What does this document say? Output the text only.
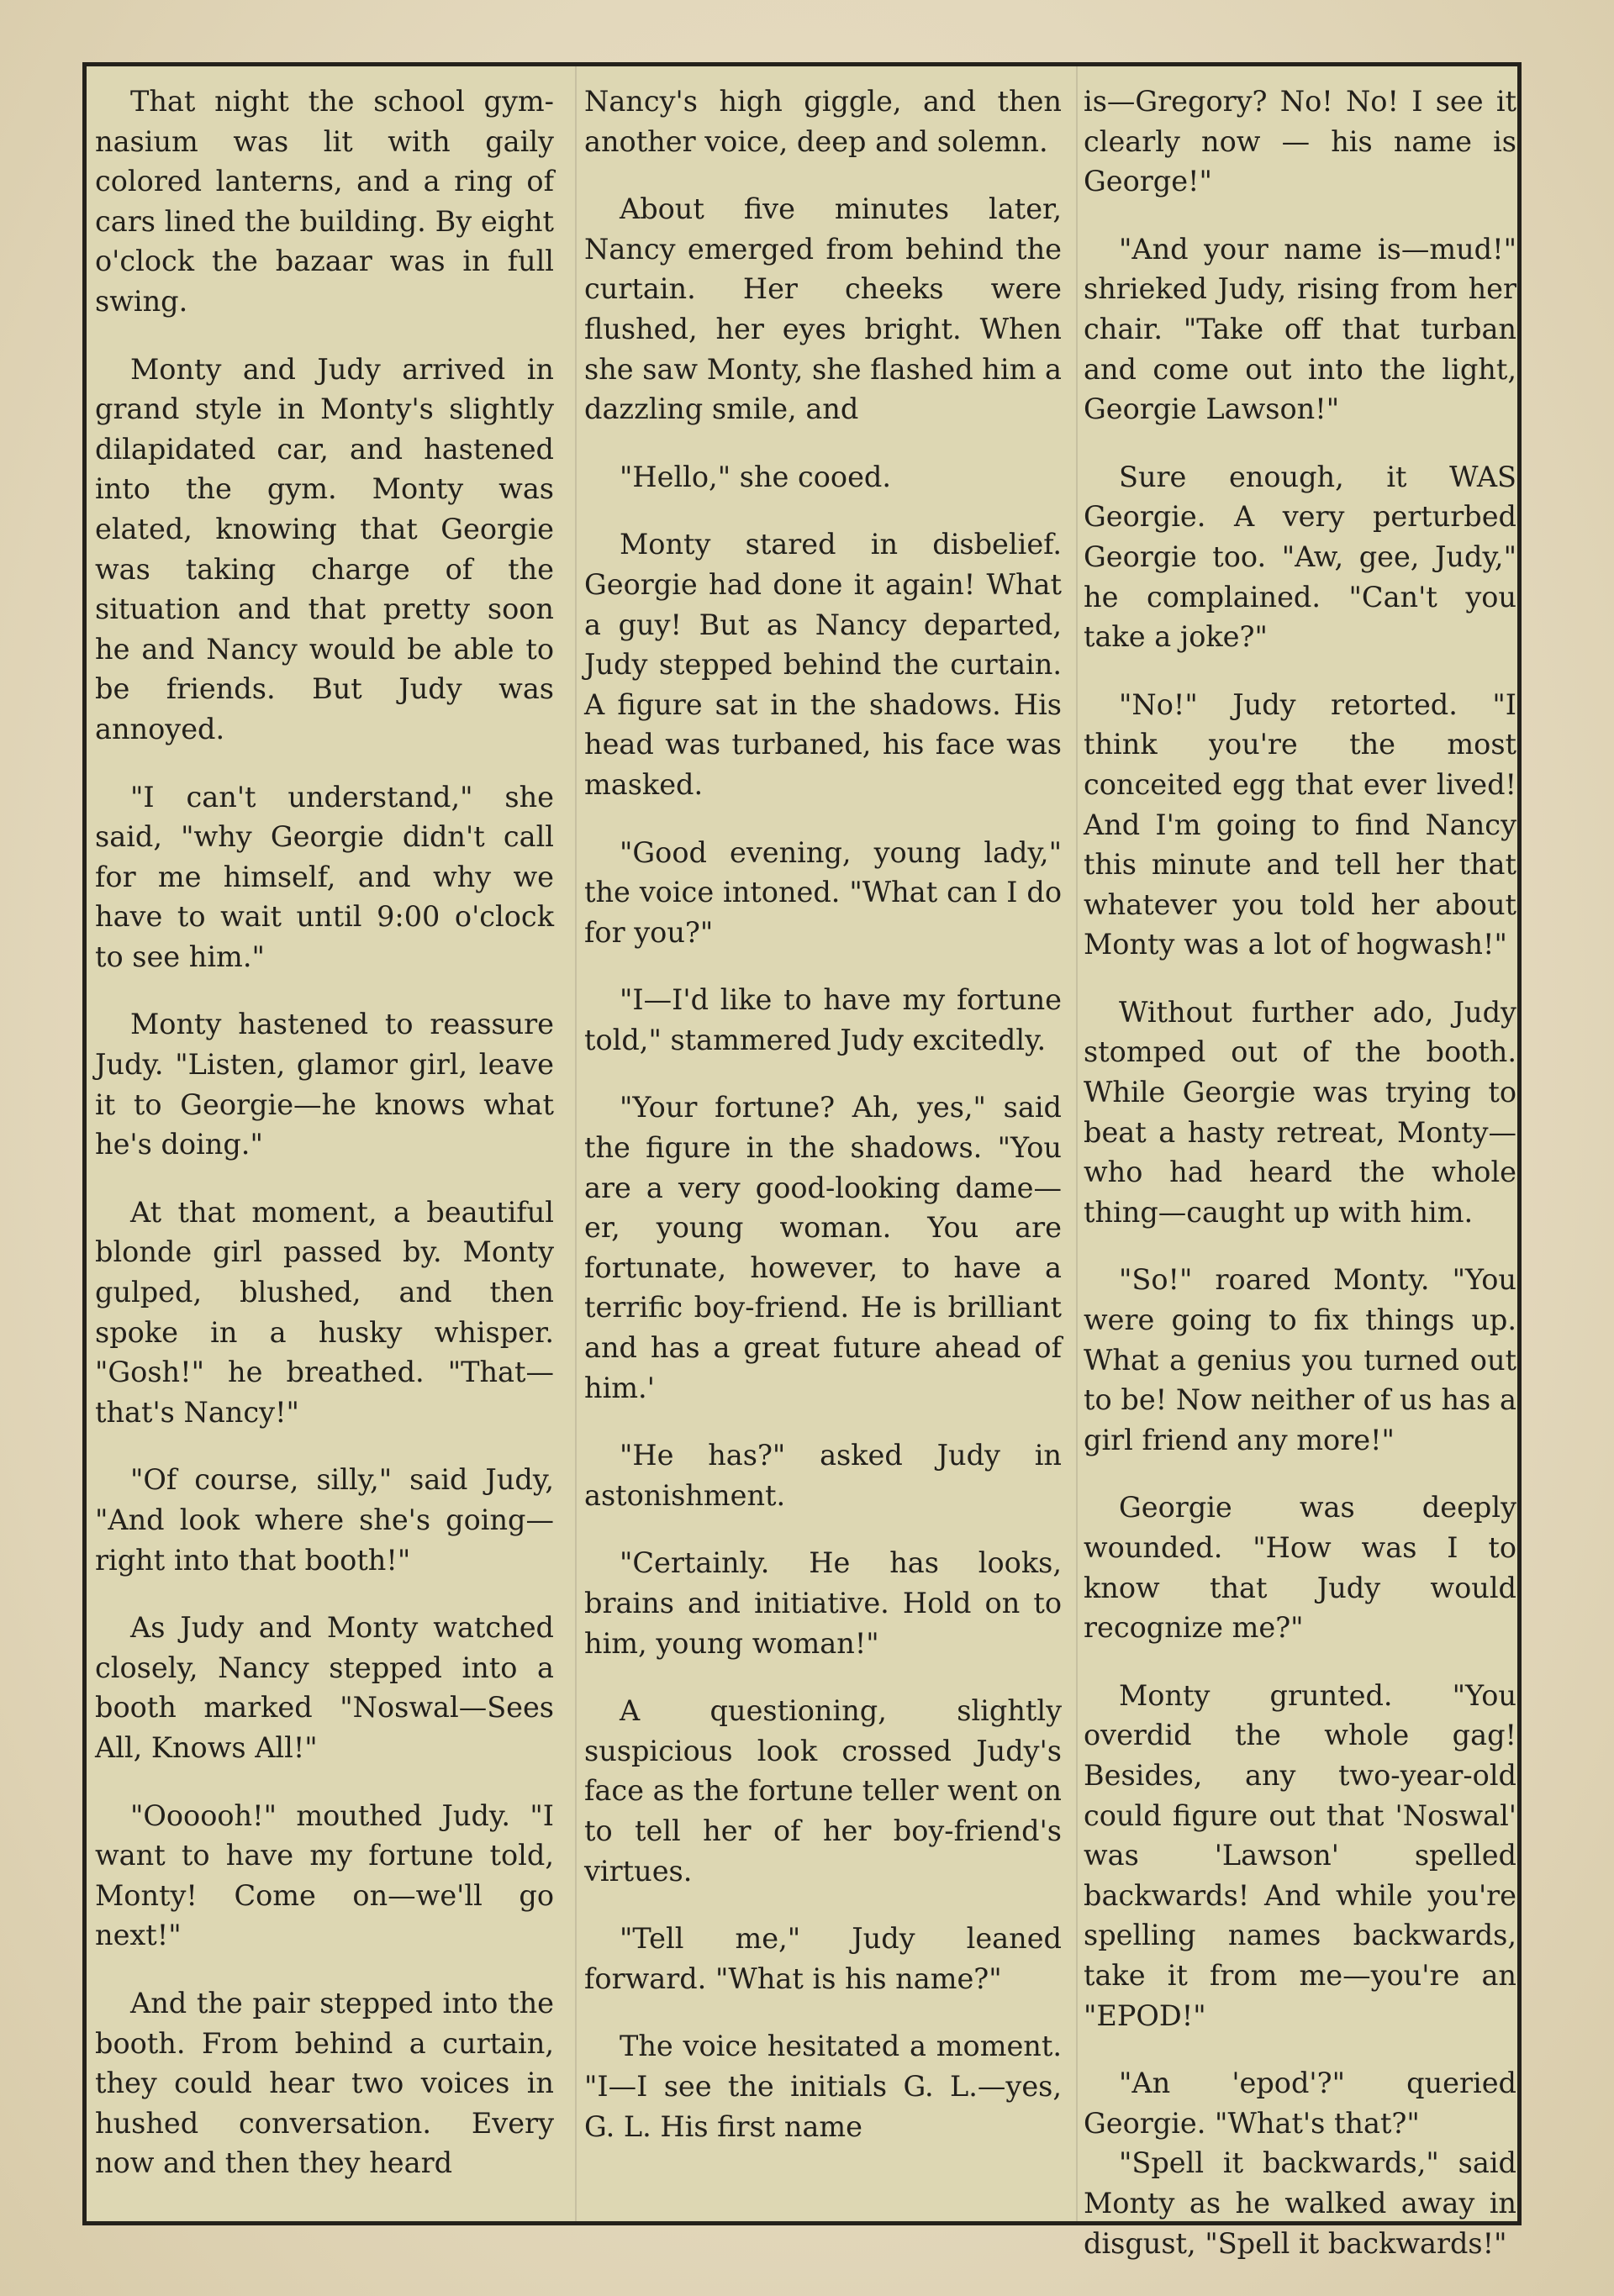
That night the school gymnasium was lit with gaily colored lanterns, and a ring of cars lined the building. By eight o'clock the bazaar was in full swing.

Monty and Judy arrived in grand style in Monty's slightly dilapidated car, and hastened into the gym. Monty was elated, knowing that Georgie was taking charge of the situation and that pretty soon he and Nancy would be able to be friends. But Judy was annoyed.

"I can't understand," she said, "why Georgie didn't call for me himself, and why we have to wait until 9:00 o'clock to see him."

Monty hastened to reassure Judy. "Listen, glamor girl, leave it to Georgie—he knows what he's doing."

At that moment, a beautiful blonde girl passed by. Monty gulped, blushed, and then spoke in a husky whisper. "Gosh!" he breathed. "That—that's Nancy!"

"Of course, silly," said Judy, "And look where she's going—right into that booth!"

As Judy and Monty watched closely, Nancy stepped into a booth marked "Noswal—Sees All, Knows All!"

"Oooooh!" mouthed Judy. "I want to have my fortune told, Monty! Come on—we'll go next!"

And the pair stepped into the booth. From behind a curtain, they could hear two voices in hushed conversation. Every now and then they heard

Nancy's high giggle, and then another voice, deep and solemn.

About five minutes later, Nancy emerged from behind the curtain. Her cheeks were flushed, her eyes bright. When she saw Monty, she flashed him a dazzling smile, and

"Hello," she cooed.

Monty stared in disbelief. Georgie had done it again! What a guy! But as Nancy departed, Judy stepped behind the curtain. A figure sat in the shadows. His head was turbaned, his face was masked.

"Good evening, young lady," the voice intoned. "What can I do for you?"

"I—I'd like to have my fortune told," stammered Judy excitedly.

"Your fortune? Ah, yes," said the figure in the shadows. "You are a very good-looking dame—er, young woman. You are fortunate, however, to have a terrific boy-friend. He is brilliant and has a great future ahead of him.'

"He has?" asked Judy in astonishment.

"Certainly. He has looks, brains and initiative. Hold on to him, young woman!"

A questioning, slightly suspicious look crossed Judy's face as the fortune teller went on to tell her of her boy-friend's virtues.

"Tell me," Judy leaned forward. "What is his name?"

The voice hesitated a moment. "I—I see the initials G. L.—yes, G. L. His first name

is—Gregory? No! No! I see it clearly now — his name is George!"

"And your name is—mud!" shrieked Judy, rising from her chair. "Take off that turban and come out into the light, Georgie Lawson!"

Sure enough, it WAS Georgie. A very perturbed Georgie too. "Aw, gee, Judy," he complained. "Can't you take a joke?"

"No!" Judy retorted. "I think you're the most conceited egg that ever lived! And I'm going to find Nancy this minute and tell her that whatever you told her about Monty was a lot of hogwash!"

Without further ado, Judy stomped out of the booth. While Georgie was trying to beat a hasty retreat, Monty—who had heard the whole thing—caught up with him.

"So!" roared Monty. "You were going to fix things up. What a genius you turned out to be! Now neither of us has a girl friend any more!"

Georgie was deeply wounded. "How was I to know that Judy would recognize me?"

Monty grunted. "You overdid the whole gag! Besides, any two-year-old could figure out that 'Noswal' was 'Lawson' spelled backwards! And while you're spelling names backwards, take it from me—you're an "EPOD!"

"An 'epod'?" queried Georgie. "What's that?"

"Spell it backwards," said Monty as he walked away in disgust, "Spell it backwards!"
